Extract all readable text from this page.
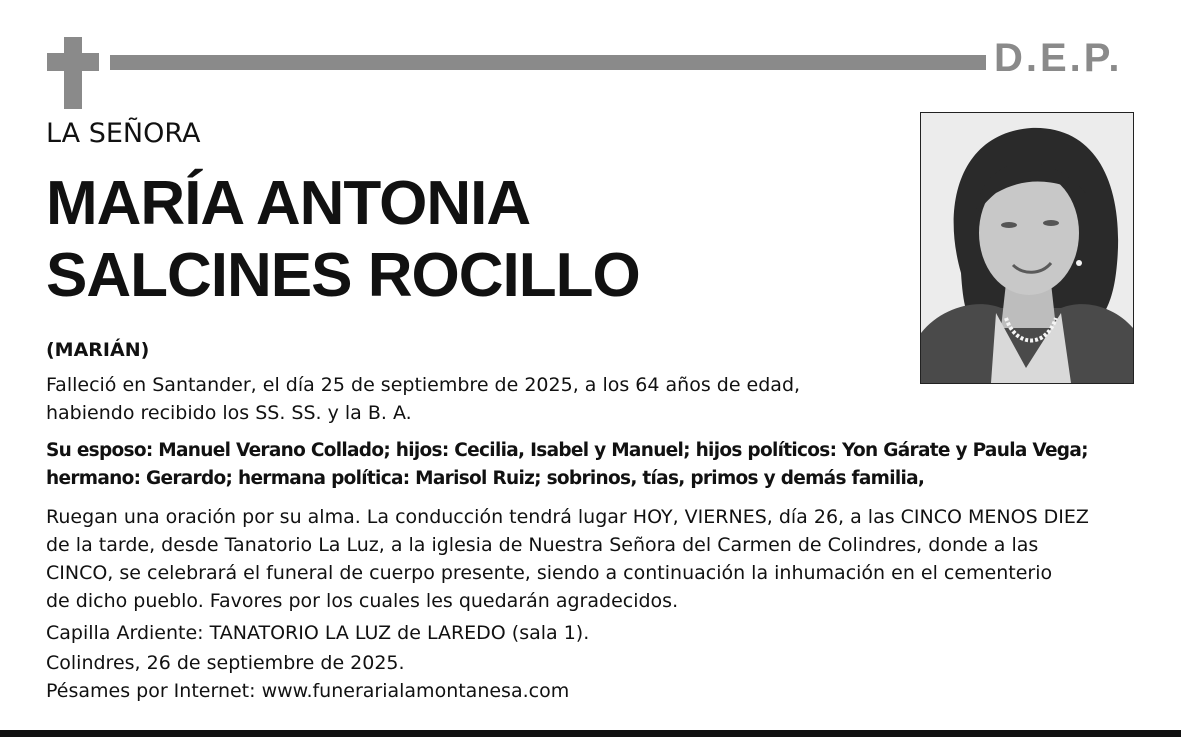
D.E.P.
LA SEÑORA
MARÍA ANTONIA
SALCINES ROCILLO
(MARIÁN)

Falleció en Santander, el día 25 de septiembre de 2025, a los 64 años de edad,
habiendo recibido los SS. SS. y la B. A.

Su esposo: Manuel Verano Collado; hijos: Cecilia, Isabel y Manuel; hijos políticos: Yon Gárate y Paula Vega;
hermano: Gerardo; hermana política: Marisol Ruiz; sobrinos, tías, primos y demás familia,

Ruegan una oración por su alma. La conducción tendrá lugar HOY, VIERNES, día 26, a las CINCO MENOS DIEZ
de la tarde, desde Tanatorio La Luz, a la iglesia de Nuestra Señora del Carmen de Colindres, donde a las
CINCO, se celebrará el funeral de cuerpo presente, siendo a continuación la inhumación en el cementerio
de dicho pueblo. Favores por los cuales les quedarán agradecidos.

Capilla Ardiente: TANATORIO LA LUZ de LAREDO (sala 1).

Colindres, 26 de septiembre de 2025.

Pésames por Internet: www.funerarialamontanesa.com
